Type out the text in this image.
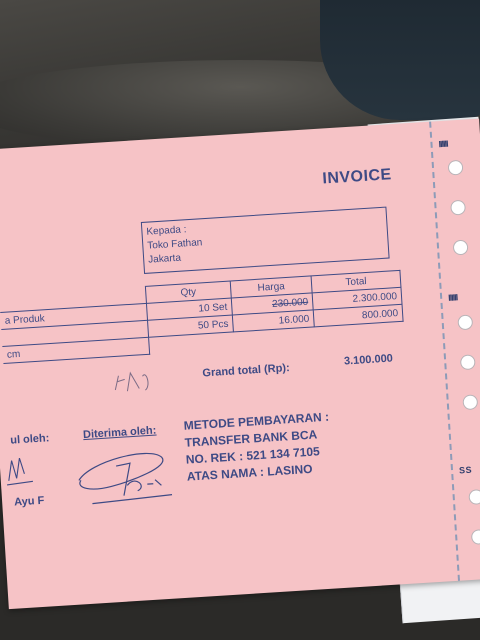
IIIIII
IIIIII
S S
INVOICE
Kepada :
Toko Fathan
Jakarta
	Qty	Harga	Total
a Produk	10 Set	230.000	2.300.000
	50 Pcs	16.000	800.000
cm			
Grand total (Rp):
3.100.000
ul oleh:
Ayu F
Diterima oleh:
METODE PEMBAYARAN :
TRANSFER BANK BCA
NO. REK : 521 134 7105
ATAS NAMA : LASINO
